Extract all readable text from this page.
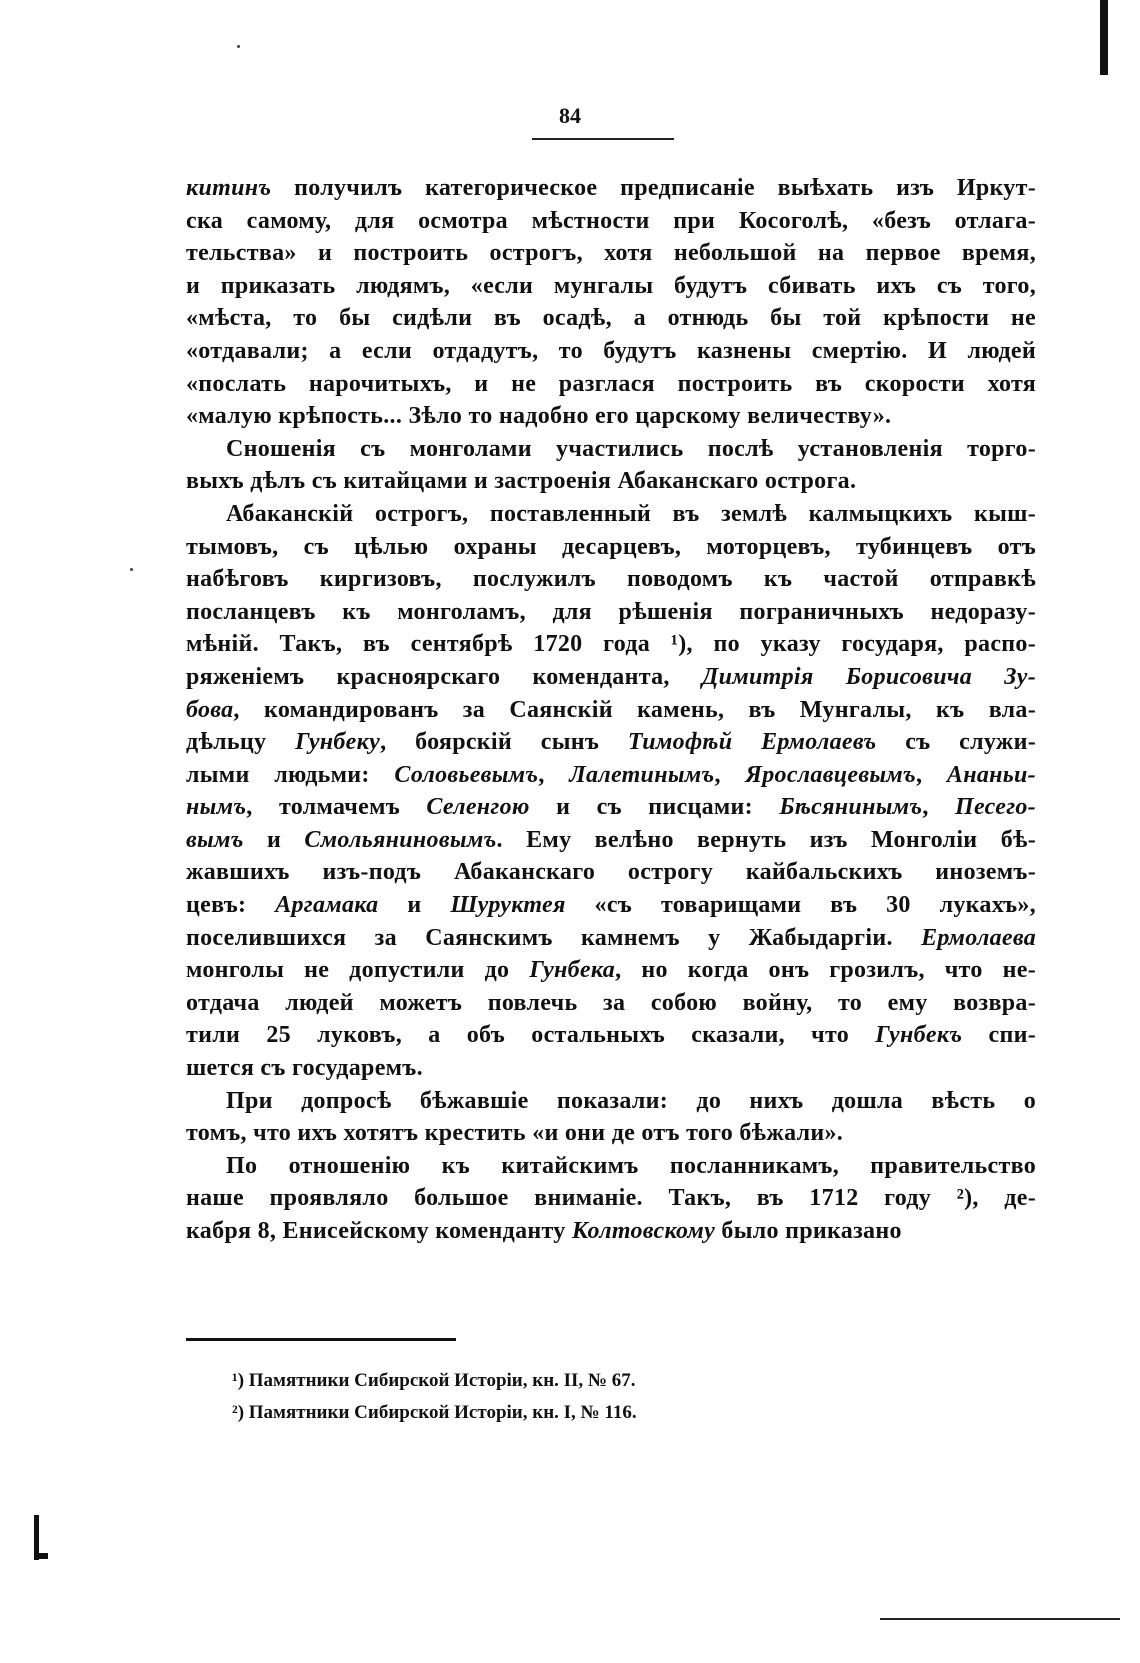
84

китинъ получилъ категорическое предписаніе выѣхать изъ Иркут-

ска самому, для осмотра мѣстности при Косоголѣ, «безъ отлага-

тельства» и построить острогъ, хотя небольшой на первое время,

и приказать людямъ, «если мунгалы будутъ сбивать ихъ съ того,

«мѣста, то бы сидѣли въ осадѣ, а отнюдь бы той крѣпости не

«отдавали; а если отдадутъ, то будутъ казнены смертію. И людей

«послать нарочитыхъ, и не разглася построить въ скорости хотя

«малую крѣпость... Зѣло то надобно его царскому величеству».

Сношенія съ монголами участились послѣ установленія торго-

выхъ дѣлъ съ китайцами и застроенія Абаканскаго острога.

Абаканскій острогъ, поставленный въ землѣ калмыцкихъ кыш-

тымовъ, съ цѣлью охраны десарцевъ, моторцевъ, тубинцевъ отъ

набѣговъ киргизовъ, послужилъ поводомъ къ частой отправкѣ

посланцевъ къ монголамъ, для рѣшенія пограничныхъ недоразу-

мѣній. Такъ, въ сентябрѣ 1720 года ¹), по указу государя, распо-

ряженіемъ красноярскаго коменданта, Димитрія Борисовича Зу-

бова, командированъ за Саянскій камень, въ Мунгалы, къ вла-

дѣльцу Гунбеку, боярскій сынъ Тимофѣй Ермолаевъ съ служи-

лыми людьми: Соловьевымъ, Лалетинымъ, Ярославцевымъ, Ананьи-

нымъ, толмачемъ Селенгою и съ писцами: Бѣсянинымъ, Песего-

вымъ и Смольяниновымъ. Ему велѣно вернуть изъ Монголіи бѣ-

жавшихъ изъ-подъ Абаканскаго острогу кайбальскихъ иноземъ-

цевъ: Аргамака и Шуруктея «съ товарищами въ 30 лукахъ»,

поселившихся за Саянскимъ камнемъ у Жабыдаргіи. Ермолаева

монголы не допустили до Гунбека, но когда онъ грозилъ, что не-

отдача людей можетъ повлечь за собою войну, то ему возвра-

тили 25 луковъ, а объ остальныхъ сказали, что Гунбекъ спи-

шется съ государемъ.

При допросѣ бѣжавшіе показали: до нихъ дошла вѣсть о

томъ, что ихъ хотятъ крестить «и они де отъ того бѣжали».

По отношенію къ китайскимъ посланникамъ, правительство

наше проявляло большое вниманіе. Такъ, въ 1712 году ²), де-

кабря 8, Енисейскому коменданту Колтовскому было приказано

¹) Памятники Сибирской Исторіи, кн. II, № 67.

²) Памятники Сибирской Исторіи, кн. I, № 116.
